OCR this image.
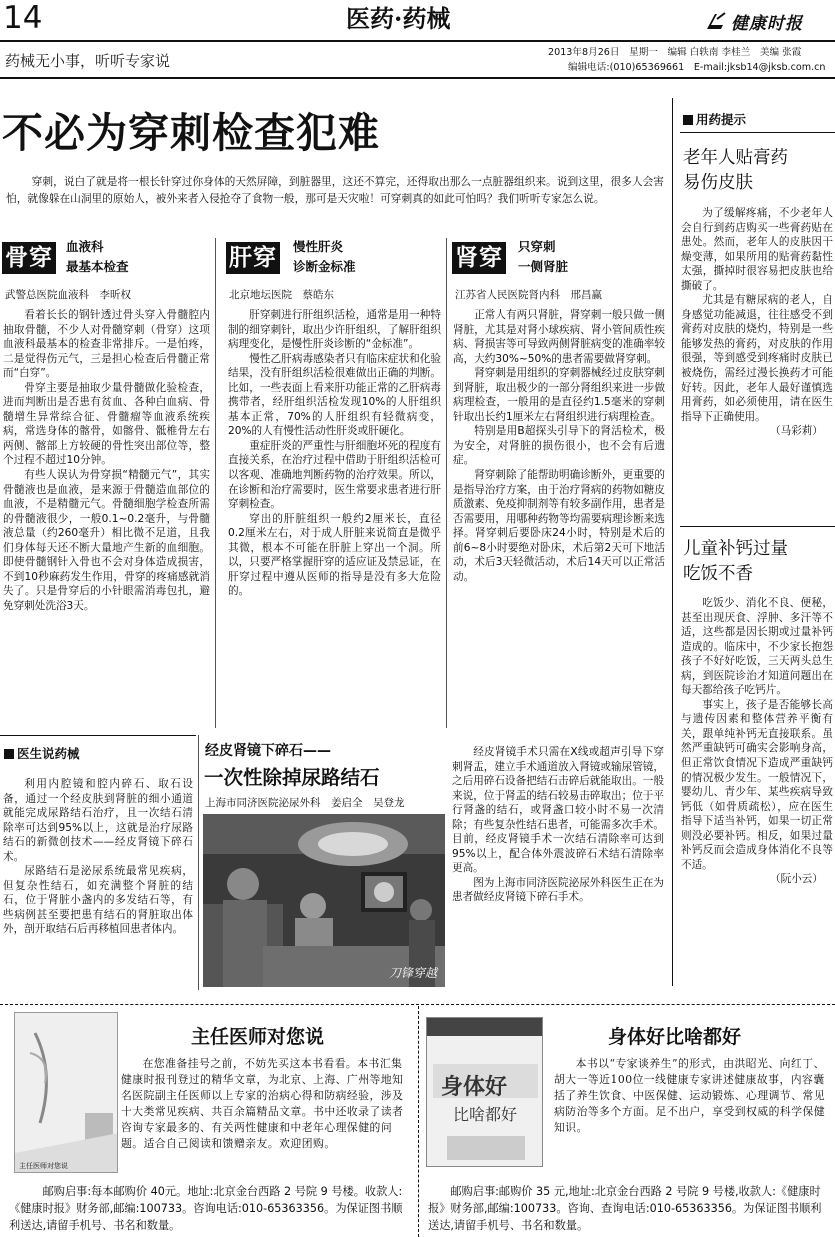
14	医药·药械	健康时报
药械无小事，听听专家说	2013年8月26日　星期一　编辑 白轶南 李桂兰　美编 张霞
编辑电话:(010)65369661　E-mail:jksb14@jksb.com.cn
不必为穿刺检查犯难

穿刺，说白了就是将一根长针穿过你身体的天然屏障，到脏器里，这还不算完，还得取出那么一点脏器组织来。说到这里，很多人会害怕，就像躲在山洞里的原始人，被外来者入侵抢夺了食物一般，那可是天灾啦！可穿刺真的如此可怕吗？我们听听专家怎么说。

骨穿 血液科
最基本检查
武警总医院血液科　李昕权

看着长长的钢针透过骨头穿入骨髓腔内抽取骨髓，不少人对骨髓穿刺（骨穿）这项血液科最基本的检查非常排斥。一是怕疼，二是觉得伤元气，三是担心检查后骨髓正常而“白穿”。

骨穿主要是抽取少量骨髓做化验检查，进而判断出是否患有贫血、各种白血病、骨髓增生异常综合征、骨髓瘤等血液系统疾病，常选身体的髂骨，如髂骨、骶椎骨左右两侧、髂部上方较硬的骨性突出部位等，整个过程不超过10分钟。

有些人误认为骨穿损“精髓元气”，其实骨髓液也是血液，是来源于骨髓造血部位的血液，不是精髓元气。骨髓细胞学检查所需的骨髓液很少，一般0.1~0.2毫升，与骨髓液总量（约260毫升）相比微不足道，且我们身体每天还不断大量地产生新的血细胞。即使骨髓钢针入骨也不会对身体造成损害，不到10秒麻药发生作用，骨穿的疼痛感就消失了。只是骨穿后的小针眼需消毒包扎，避免穿刺处洗浴3天。

肝穿 慢性肝炎
诊断金标准
北京地坛医院　蔡皓东

肝穿刺进行肝组织活检，通常是用一种特制的细穿刺针，取出少许肝组织，了解肝组织病理变化，是慢性肝炎诊断的“金标准”。

慢性乙肝病毒感染者只有临床症状和化验结果，没有肝组织活检很难做出正确的判断。比如，一些表面上看来肝功能正常的乙肝病毒携带者，经肝组织活检发现10%的人肝组织基本正常，70%的人肝组织有轻微病变，20%的人有慢性活动性肝炎或肝硬化。

重症肝炎的严重性与肝细胞坏死的程度有直接关系，在治疗过程中借助于肝组织活检可以客观、准确地判断药物的治疗效果。所以，在诊断和治疗需要时，医生常要求患者进行肝穿刺检查。

穿出的肝脏组织一般约2厘米长，直径0.2厘米左右，对于成人肝脏来说简直是微乎其微，根本不可能在肝脏上穿出一个洞。所以，只要严格掌握肝穿的适应证及禁忌证，在肝穿过程中遵从医师的指导是没有多大危险的。

肾穿 只穿刺
一侧肾脏
江苏省人民医院肾内科　邢昌赢

正常人有两只肾脏，肾穿刺一般只做一侧肾脏，尤其是对肾小球疾病、肾小管间质性疾病、肾损害等可导致两侧肾脏病变的准确率较高，大约30%~50%的患者需要做肾穿刺。

肾穿刺是用组织的穿刺器械经过皮肤穿刺到肾脏，取出极少的一部分肾组织来进一步做病理检查，一般用的是直径约1.5毫米的穿刺针取出长约1厘米左右肾组织进行病理检查。

特别是用B超探头引导下的肾活检术，极为安全，对肾脏的损伤很小，也不会有后遗症。

肾穿刺除了能帮助明确诊断外，更重要的是指导治疗方案，由于治疗肾病的药物如糖皮质激素、免疫抑制剂等有较多副作用，患者是否需要用，用哪种药物等均需要病理诊断来选择。肾穿刺后要卧床24小时，特别是术后的前6~8小时要绝对卧床，术后第2天可下地活动，术后3天轻微活动，术后14天可以正常活动。

医生说药械

利用内腔镜和腔内碎石、取石设备，通过一个经皮肤到肾脏的细小通道就能完成尿路结石治疗，且一次结石清除率可达到95%以上，这就是治疗尿路结石的新微创技术——经皮肾镜下碎石术。

尿路结石是泌尿系统最常见疾病，但复杂性结石，如充满整个肾脏的结石，位于肾脏小盏内的多发结石等，有些病例甚至要把患有结石的肾脏取出体外，剖开取结石后再移植回患者体内。

经皮肾镜下碎石——
一次性除掉尿路结石
上海市同济医院泌尿外科　姜启全　吴登龙
刀锋穿越

经皮肾镜手术只需在X线或超声引导下穿刺肾盂，建立手术通道放入肾镜或输尿管镜，之后用碎石设备把结石击碎后就能取出。一般来说，位于肾盂的结石较易击碎取出；位于平行肾盏的结石，或肾盏口较小时不易一次清除；有些复杂性结石患者，可能需多次手术。目前，经皮肾镜手术一次结石清除率可达到95%以上，配合体外震波碎石术结石清除率更高。

图为上海市同济医院泌尿外科医生正在为患者做经皮肾镜下碎石手术。

用药提示
老年人贴膏药
易伤皮肤

为了缓解疼痛，不少老年人会自行到药店购买一些膏药贴在患处。然而，老年人的皮肤因干燥变薄，如果所用的贴膏药黏性太强，撕掉时很容易把皮肤也给撕破了。

尤其是有糖尿病的老人，自身感觉功能减退，往往感受不到膏药对皮肤的烧灼，特别是一些能够发热的膏药，对皮肤的作用很强，等到感受到疼痛时皮肤已被烧伤，需经过漫长换药才可能好转。因此，老年人最好谨慎选用膏药，如必须使用，请在医生指导下正确使用。

（马彩莉）

儿童补钙过量
吃饭不香

吃饭少、消化不良、便秘，甚至出现厌食、浮肿、多汗等不适，这些都是因长期或过量补钙造成的。临床中，不少家长抱怨孩子不好好吃饭，三天两头总生病，到医院诊治才知道问题出在每天都给孩子吃钙片。

事实上，孩子是否能够长高与遗传因素和整体营养平衡有关，跟单纯补钙无直接联系。虽然严重缺钙可确实会影响身高，但正常饮食情况下造成严重缺钙的情况极少发生。一般情况下，婴幼儿、青少年、某些疾病导致钙低（如骨质疏松），应在医生指导下适当补钙，如果一切正常则没必要补钙。相反，如果过量补钙反而会造成身体消化不良等不适。

（阮小云）

主任医师对您说
主任医师对您说

在您准备挂号之前，不妨先买这本书看看。本书汇集健康时报刊登过的精华文章，为北京、上海、广州等地知名医院副主任医师以上专家的治病心得和防病经验，涉及十大类常见疾病、共百余篇精品文章。书中还收录了读者咨询专家最多的、有关两性健康和中老年心理保健的问题。适合自己阅读和馈赠亲友。欢迎团购。

邮购启事:每本邮购价 40元。地址:北京金台西路 2 号院 9 号楼。收款人:《健康时报》财务部,邮编:100733。咨询电话:010-65363356。为保证图书顺利送达,请留手机号、书名和数量。

身体好
比啥都好
身体好比啥都好

本书以“专家谈养生”的形式，由洪昭光、向红丁、胡大一等近100位一线健康专家讲述健康故事，内容囊括了养生饮食、中医保健、运动锻炼、心理调节、常见病防治等多个方面。足不出户，享受到权威的科学保健知识。

邮购启事:邮购价 35 元,地址:北京金台西路 2 号院 9 号楼,收款人:《健康时报》财务部,邮编:100733。咨询、查询电话:010-65363356。为保证图书顺利送达,请留手机号、书名和数量。
